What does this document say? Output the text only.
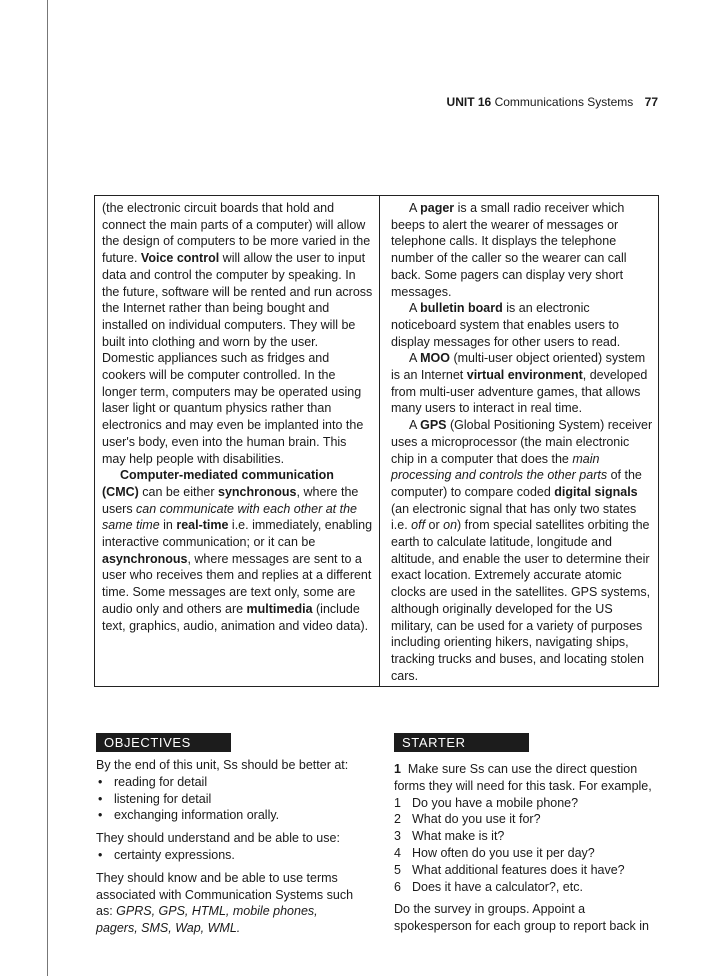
UNIT 16 Communications Systems 77

(the electronic circuit boards that hold and connect the main parts of a computer) will allow the design of computers to be more varied in the future. Voice control will allow the user to input data and control the computer by speaking. In the future, software will be rented and run across the Internet rather than being bought and installed on individual computers. They will be built into clothing and worn by the user. Domestic appliances such as fridges and cookers will be computer controlled. In the longer term, computers may be operated using laser light or quantum physics rather than electronics and may even be implanted into the user's body, even into the human brain. This may help people with disabilities.

Computer-mediated communication (CMC) can be either synchronous, where the users can communicate with each other at the same time in real-time i.e. immediately, enabling interactive communication; or it can be asynchronous, where messages are sent to a user who receives them and replies at a different time. Some messages are text only, some are audio only and others are multimedia (include text, graphics, audio, animation and video data).

A pager is a small radio receiver which beeps to alert the wearer of messages or telephone calls. It displays the telephone number of the caller so the wearer can call back. Some pagers can display very short messages.

A bulletin board is an electronic noticeboard system that enables users to display messages for other users to read.

A MOO (multi-user object oriented) system is an Internet virtual environment, developed from multi-user adventure games, that allows many users to interact in real time.

A GPS (Global Positioning System) receiver uses a microprocessor (the main electronic chip in a computer that does the main processing and controls the other parts of the computer) to compare coded digital signals (an electronic signal that has only two states i.e. off or on) from special satellites orbiting the earth to calculate latitude, longitude and altitude, and enable the user to determine their exact location. Extremely accurate atomic clocks are used in the satellites. GPS systems, although originally developed for the US military, can be used for a variety of purposes including orienting hikers, navigating ships, tracking trucks and buses, and locating stolen cars.

OBJECTIVES

By the end of this unit, Ss should be better at:

• reading for detail
• listening for detail
• exchanging information orally.

They should understand and be able to use:

• certainty expressions.

They should know and be able to use terms associated with Communication Systems such as: GPRS, GPS, HTML, mobile phones, pagers, SMS, Wap, WML.

STARTER

1 Make sure Ss can use the direct question forms they will need for this task. For example,

1 Do you have a mobile phone?
2 What do you use it for?
3 What make is it?
4 How often do you use it per day?
5 What additional features does it have?
6 Does it have a calculator?, etc.

Do the survey in groups. Appoint a spokesperson for each group to report back in
